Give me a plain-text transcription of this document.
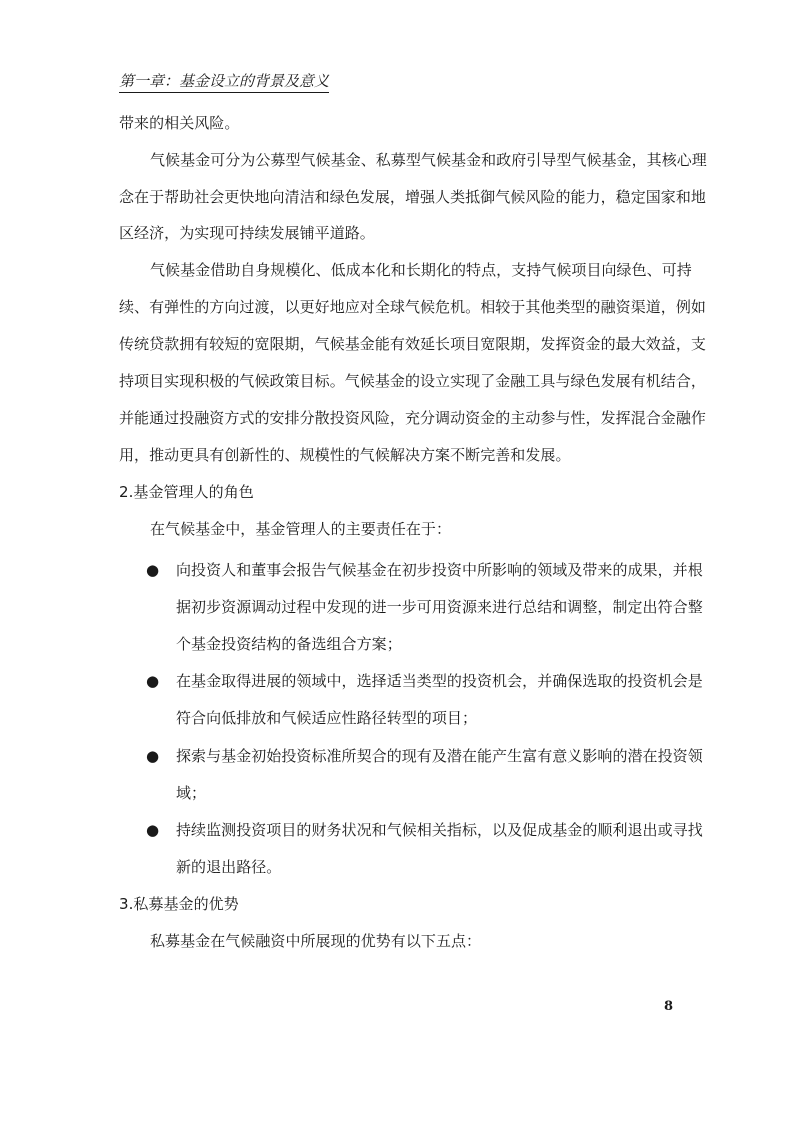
第一章：基金设立的背景及意义
带来的相关风险。
气候基金可分为公募型气候基金、私募型气候基金和政府引导型气候基金，其核心理
念在于帮助社会更快地向清洁和绿色发展，增强人类抵御气候风险的能力，稳定国家和地
区经济，为实现可持续发展铺平道路。
气候基金借助自身规模化、低成本化和长期化的特点，支持气候项目向绿色、可持
续、有弹性的方向过渡，以更好地应对全球气候危机。相较于其他类型的融资渠道，例如
传统贷款拥有较短的宽限期，气候基金能有效延长项目宽限期，发挥资金的最大效益，支
持项目实现积极的气候政策目标。气候基金的设立实现了金融工具与绿色发展有机结合，
并能通过投融资方式的安排分散投资风险，充分调动资金的主动参与性，发挥混合金融作
用，推动更具有创新性的、规模性的气候解决方案不断完善和发展。
2.基金管理人的角色
在气候基金中，基金管理人的主要责任在于：
● 向投资人和董事会报告气候基金在初步投资中所影响的领域及带来的成果，并根
据初步资源调动过程中发现的进一步可用资源来进行总结和调整，制定出符合整
个基金投资结构的备选组合方案；
● 在基金取得进展的领域中，选择适当类型的投资机会，并确保选取的投资机会是
符合向低排放和气候适应性路径转型的项目；
● 探索与基金初始投资标准所契合的现有及潜在能产生富有意义影响的潜在投资领
域；
● 持续监测投资项目的财务状况和气候相关指标，以及促成基金的顺利退出或寻找
新的退出路径。
3.私募基金的优势
私募基金在气候融资中所展现的优势有以下五点：
8
